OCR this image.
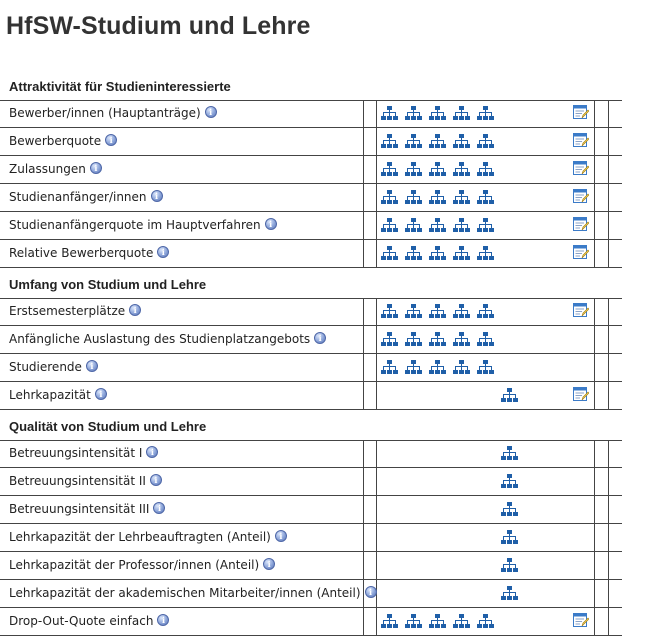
HfSW-Studium und Lehre
Attraktivität für Studieninteressierte
Bewerber/innen (Hauptanträge) i
Bewerberquote i
Zulassungen i
Studienanfänger/innen i
Studienanfängerquote im Hauptverfahren i
Relative Bewerberquote i
Umfang von Studium und Lehre
Erstsemesterplätze i
Anfängliche Auslastung des Studienplatzangebots i
Studierende i
Lehrkapazität i
Qualität von Studium und Lehre
Betreuungsintensität I i
Betreuungsintensität II i
Betreuungsintensität III i
Lehrkapazität der Lehrbeauftragten (Anteil) i
Lehrkapazität der Professor/innen (Anteil) i
Lehrkapazität der akademischen Mitarbeiter/innen (Anteil) i
Drop-Out-Quote einfach i
